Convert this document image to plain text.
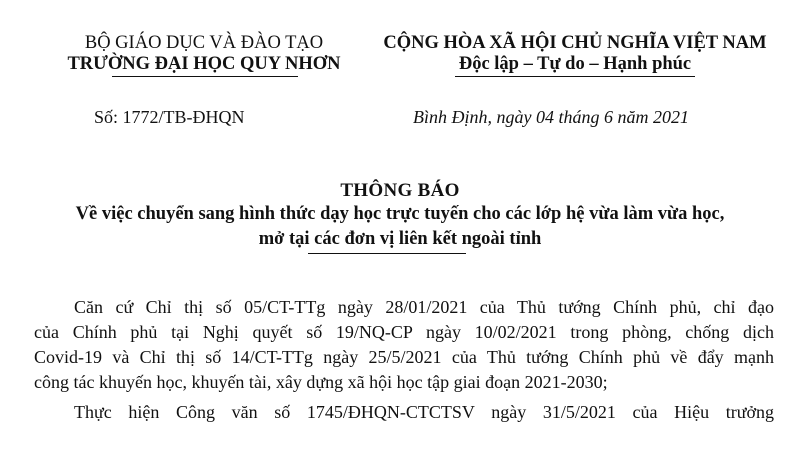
BỘ GIÁO DỤC VÀ ĐÀO TẠO
TRƯỜNG ĐẠI HỌC QUY NHƠN
CỘNG HÒA XÃ HỘI CHỦ NGHĨA VIỆT NAM
Độc lập – Tự do – Hạnh phúc
Số: 1772/TB-ĐHQN	Bình Định, ngày 04 tháng 6 năm 2021
THÔNG BÁO
Về việc chuyển sang hình thức dạy học trực tuyến cho các lớp hệ vừa làm vừa học,
mở tại các đơn vị liên kết ngoài tỉnh
Căn cứ Chỉ thị số 05/CT-TTg ngày 28/01/2021 của Thủ tướng Chính phủ, chỉ đạo
của Chính phủ tại Nghị quyết số 19/NQ-CP ngày 10/02/2021 trong phòng, chống dịch
Covid-19 và Chỉ thị số 14/CT-TTg ngày 25/5/2021 của Thủ tướng Chính phủ về đẩy mạnh
công tác khuyến học, khuyến tài, xây dựng xã hội học tập giai đoạn 2021-2030;
Thực hiện Công văn số 1745/ĐHQN-CTCTSV ngày 31/5/2021 của Hiệu trưởng
